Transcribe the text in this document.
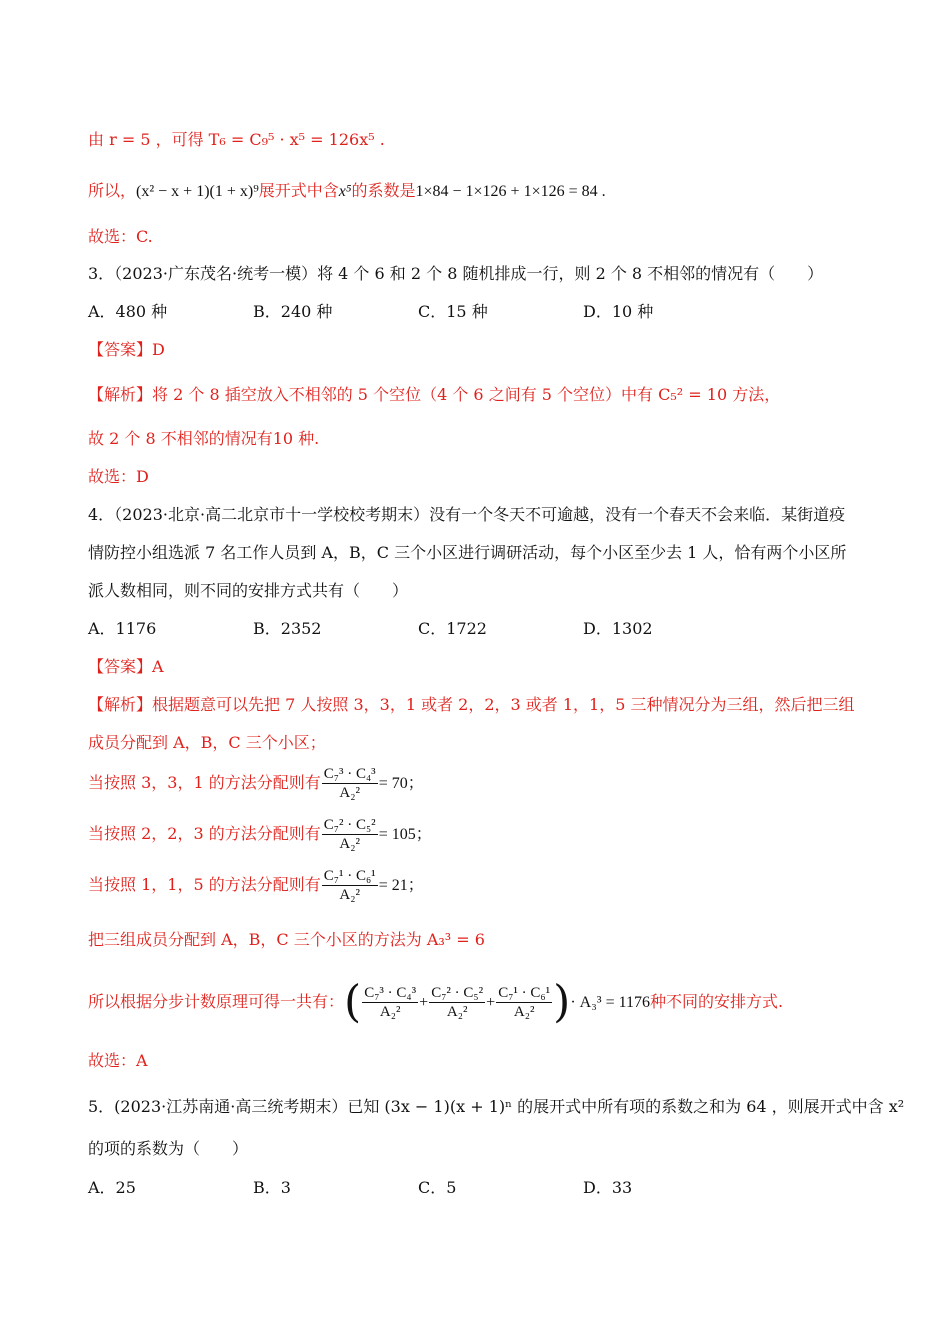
由 r = 5 ，可得 T₆ = C₉⁵ · x⁵ = 126x⁵ .
所以，(x² − x + 1)(1 + x)⁹展开式中含x⁵的系数是1×84 − 1×126 + 1×126 = 84 .
故选：C.
3．（2023·广东茂名·统考一模）将 4 个 6 和 2 个 8 随机排成一行，则 2 个 8 不相邻的情况有（　　）
A．480 种	B．240 种	C．15 种	D．10 种
【答案】D
【解析】将 2 个 8 插空放入不相邻的 5 个空位（4 个 6 之间有 5 个空位）中有 C₅² = 10 方法，
故 2 个 8 不相邻的情况有10 种.
故选：D
4．（2023·北京·高二北京市十一学校校考期末）没有一个冬天不可逾越，没有一个春天不会来临．某街道疫
情防控小组选派 7 名工作人员到 A，B，C 三个小区进行调研活动，每个小区至少去 1 人，恰有两个小区所
派人数相同，则不同的安排方式共有（　　）
A．1176	B．2352	C．1722	D．1302
【答案】A
【解析】根据题意可以先把 7 人按照 3，3，1 或者 2，2，3 或者 1，1，5 三种情况分为三组，然后把三组
成员分配到 A，B，C 三个小区；
当按照 3，3，1 的方法分配则有 $\frac{\text{C₇³ · C₄³}}{\text{A₂²}} = 70$；
当按照 2，2，3 的方法分配则有 $\frac{\text{C₇² · C₅²}}{\text{A₂²}} = 105$；
当按照 1，1，5 的方法分配则有 $\frac{\text{C₇¹ · C₆¹}}{\text{A₂²}} = 21$；
把三组成员分配到 A，B，C 三个小区的方法为 A₃³ = 6
所以根据分步计数原理可得一共有：( $\frac{\text{C₇³ · C₄³}}{\text{A₂²}} + \frac{\text{C₇² · C₅²}}{\text{A₂²}} + \frac{\text{C₇¹ · C₆¹}}{\text{A₂²}}$ )· A₃³ = 1176种不同的安排方式.
故选：A
5．(2023·江苏南通·高三统考期末）已知 (3x − 1)(x + 1)ⁿ 的展开式中所有项的系数之和为 64 ，则展开式中含 x²
的项的系数为（　　）
A．25	B．3	C．5	D．33
